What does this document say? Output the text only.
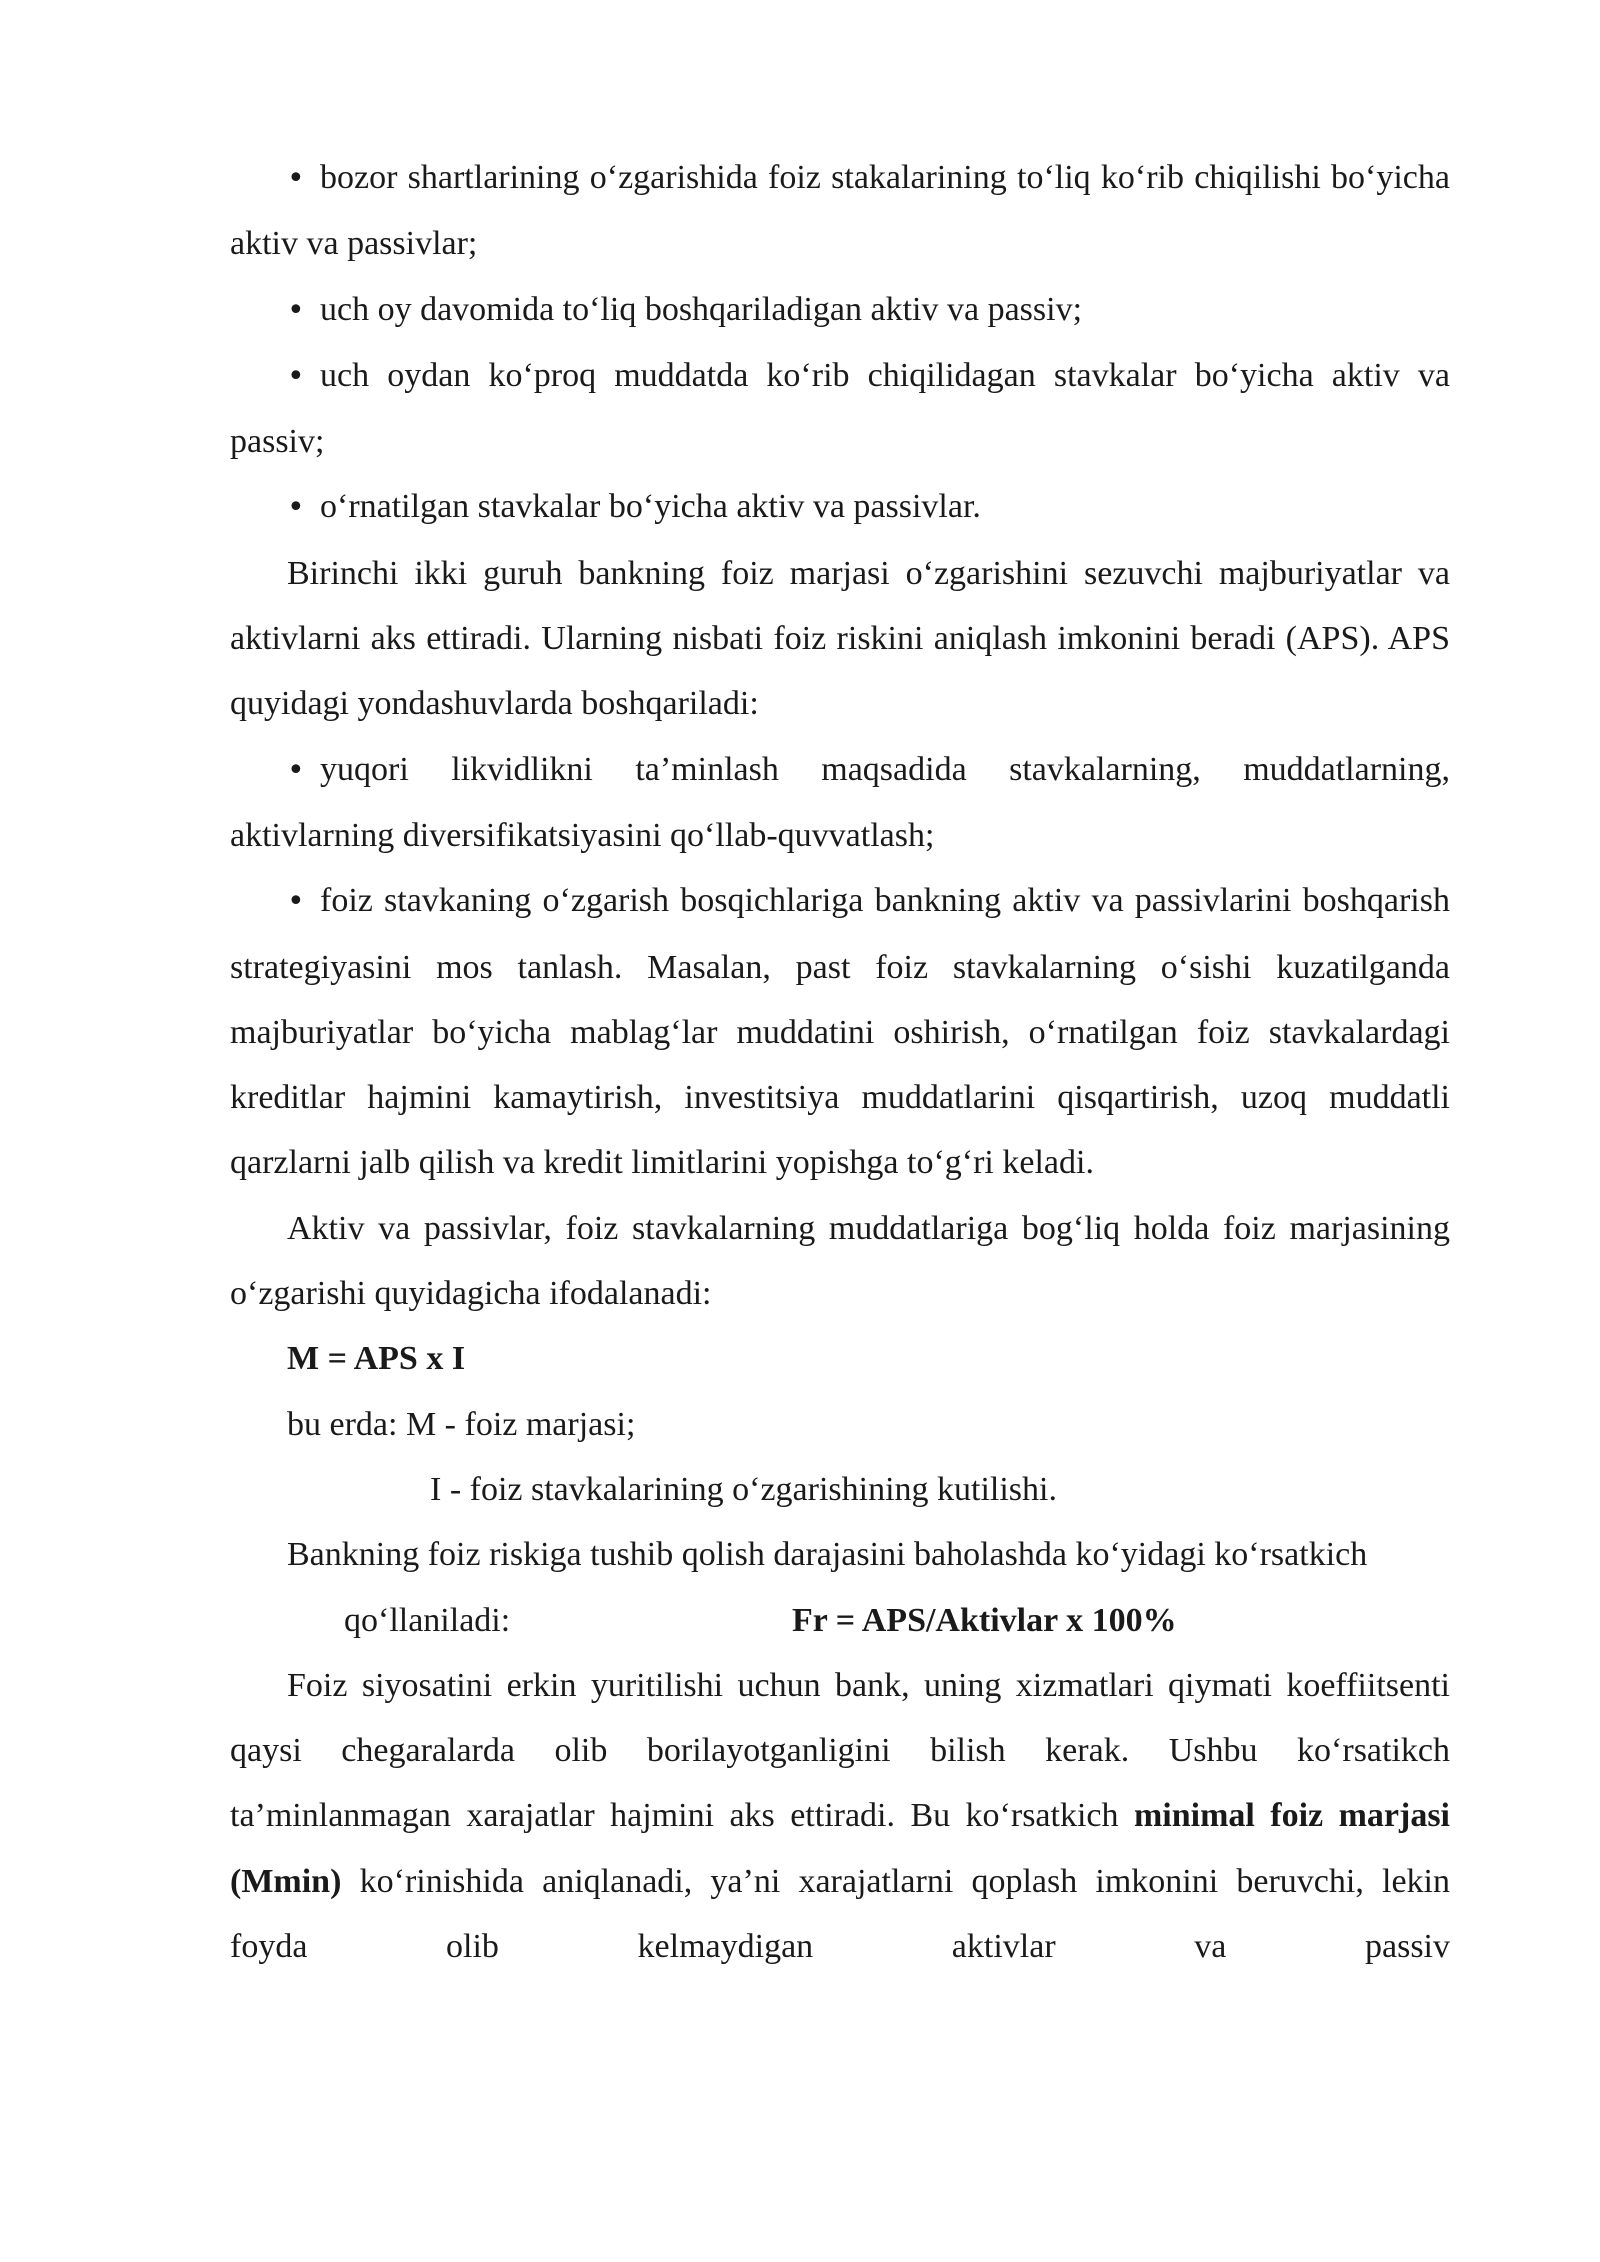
•bozor shartlarining o‘zgarishida foiz stakalarining to‘liq ko‘rib chiqilishi bo‘yicha aktiv va passivlar;

•uch oy davomida to‘liq boshqariladigan aktiv va passiv;

•uch oydan ko‘proq muddatda ko‘rib chiqilidagan stavkalar bo‘yicha aktiv va passiv;

•o‘rnatilgan stavkalar bo‘yicha aktiv va passivlar.

Birinchi ikki guruh bankning foiz marjasi o‘zgarishini sezuvchi majburiyatlar va aktivlarni aks ettiradi. Ularning nisbati foiz riskini aniqlash imkonini beradi (APS). APS quyidagi yondashuvlarda boshqariladi:

•yuqori likvidlikni ta’minlash maqsadida stavkalarning, muddatlarning, aktivlarning diversifikatsiyasini qo‘llab-quvvatlash;

•foiz stavkaning o‘zgarish bosqichlariga bankning aktiv va passivlarini boshqarish strategiyasini mos tanlash. Masalan, past foiz stavkalarning o‘sishi kuzatilganda majburiyatlar bo‘yicha mablag‘lar muddatini oshirish, o‘rnatilgan foiz stavkalardagi kreditlar hajmini kamaytirish, investitsiya muddatlarini qisqartirish, uzoq muddatli qarzlarni jalb qilish va kredit limitlarini yopishga to‘g‘ri keladi.

Aktiv va passivlar, foiz stavkalarning muddatlariga bog‘liq holda foiz marjasining o‘zgarishi quyidagicha ifodalanadi:

M = APS x I

bu erda: M - foiz marjasi;

I - foiz stavkalarining o‘zgarishining kutilishi.

Bankning foiz riskiga tushib qolish darajasini baholashda ko‘yidagi ko‘rsatkich

qo‘llaniladi:	Fr = APS/Aktivlar x 100%

Foiz siyosatini erkin yuritilishi uchun bank, uning xizmatlari qiymati koeffiitsenti qaysi chegaralarda olib borilayotganligini bilish kerak. Ushbu ko‘rsatikch ta’minlanmagan xarajatlar hajmini aks ettiradi. Bu ko‘rsatkich minimal foiz marjasi (Mmin) ko‘rinishida aniqlanadi, ya’ni xarajatlarni qoplash imkonini beruvchi, lekin foyda olib kelmaydigan aktivlar va passiv
